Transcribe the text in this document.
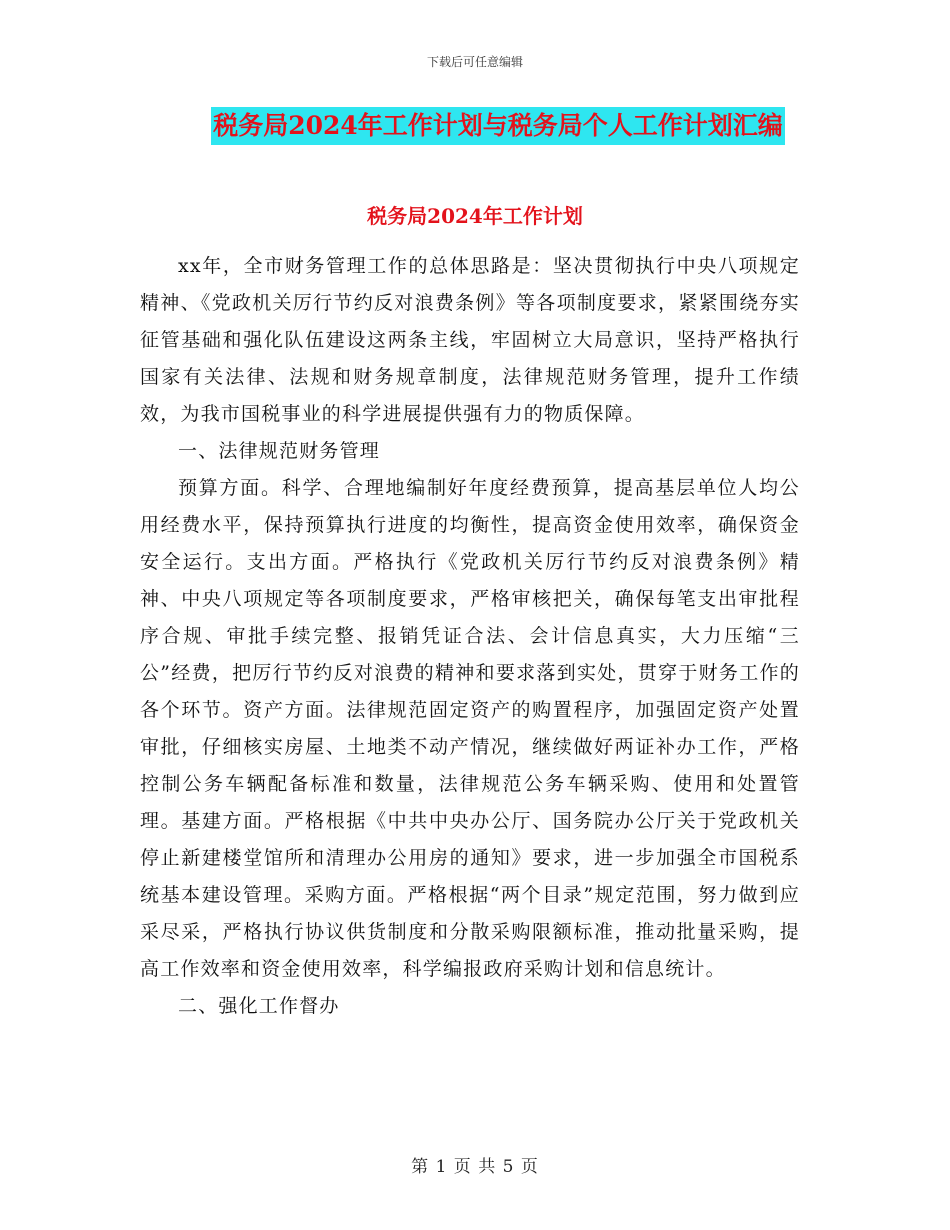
下载后可任意编辑
税务局2024年工作计划与税务局个人工作计划汇编
税务局2024年工作计划

xx年，全市财务管理工作的总体思路是：坚决贯彻执行中央八项规定精神、《党政机关厉行节约反对浪费条例》等各项制度要求，紧紧围绕夯实征管基础和强化队伍建设这两条主线，牢固树立大局意识，坚持严格执行国家有关法律、法规和财务规章制度，法律规范财务管理，提升工作绩效，为我市国税事业的科学进展提供强有力的物质保障。

一、法律规范财务管理

预算方面。科学、合理地编制好年度经费预算，提高基层单位人均公用经费水平，保持预算执行进度的均衡性，提高资金使用效率，确保资金安全运行。支出方面。严格执行《党政机关厉行节约反对浪费条例》精神、中央八项规定等各项制度要求，严格审核把关，确保每笔支出审批程序合规、审批手续完整、报销凭证合法、会计信息真实，大力压缩“三公”经费，把厉行节约反对浪费的精神和要求落到实处，贯穿于财务工作的各个环节。资产方面。法律规范固定资产的购置程序，加强固定资产处置审批，仔细核实房屋、土地类不动产情况，继续做好两证补办工作，严格控制公务车辆配备标准和数量，法律规范公务车辆采购、使用和处置管理。基建方面。严格根据《中共中央办公厅、国务院办公厅关于党政机关停止新建楼堂馆所和清理办公用房的通知》要求，进一步加强全市国税系统基本建设管理。采购方面。严格根据“两个目录”规定范围，努力做到应采尽采，严格执行协议供货制度和分散采购限额标准，推动批量采购，提高工作效率和资金使用效率，科学编报政府采购计划和信息统计。

二、强化工作督办

第 1 页 共 5 页
